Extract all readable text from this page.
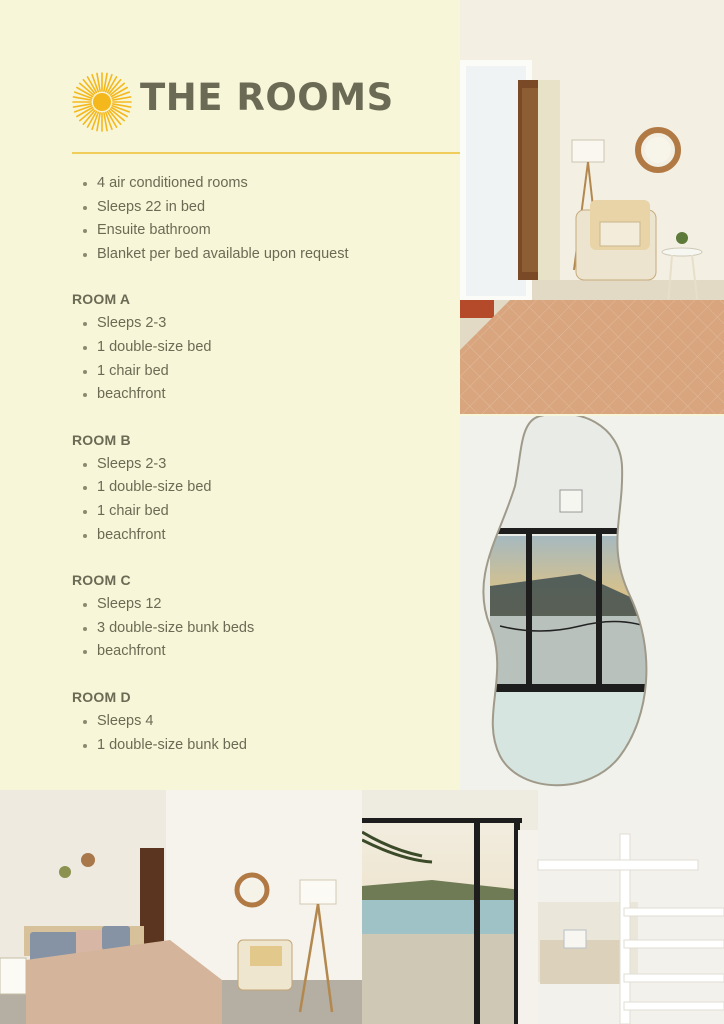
THE ROOMS
• 4 air conditioned rooms
• Sleeps 22 in bed
• Ensuite bathroom
• Blanket per bed available upon request
ROOM A
• Sleeps 2-3
• 1 double-size bed
• 1 chair bed
• beachfront
ROOM B
• Sleeps 2-3
• 1 double-size bed
• 1 chair bed
• beachfront
ROOM C
• Sleeps 12
• 3 double-size bunk beds
• beachfront
ROOM D
• Sleeps 4
• 1 double-size bunk bed
